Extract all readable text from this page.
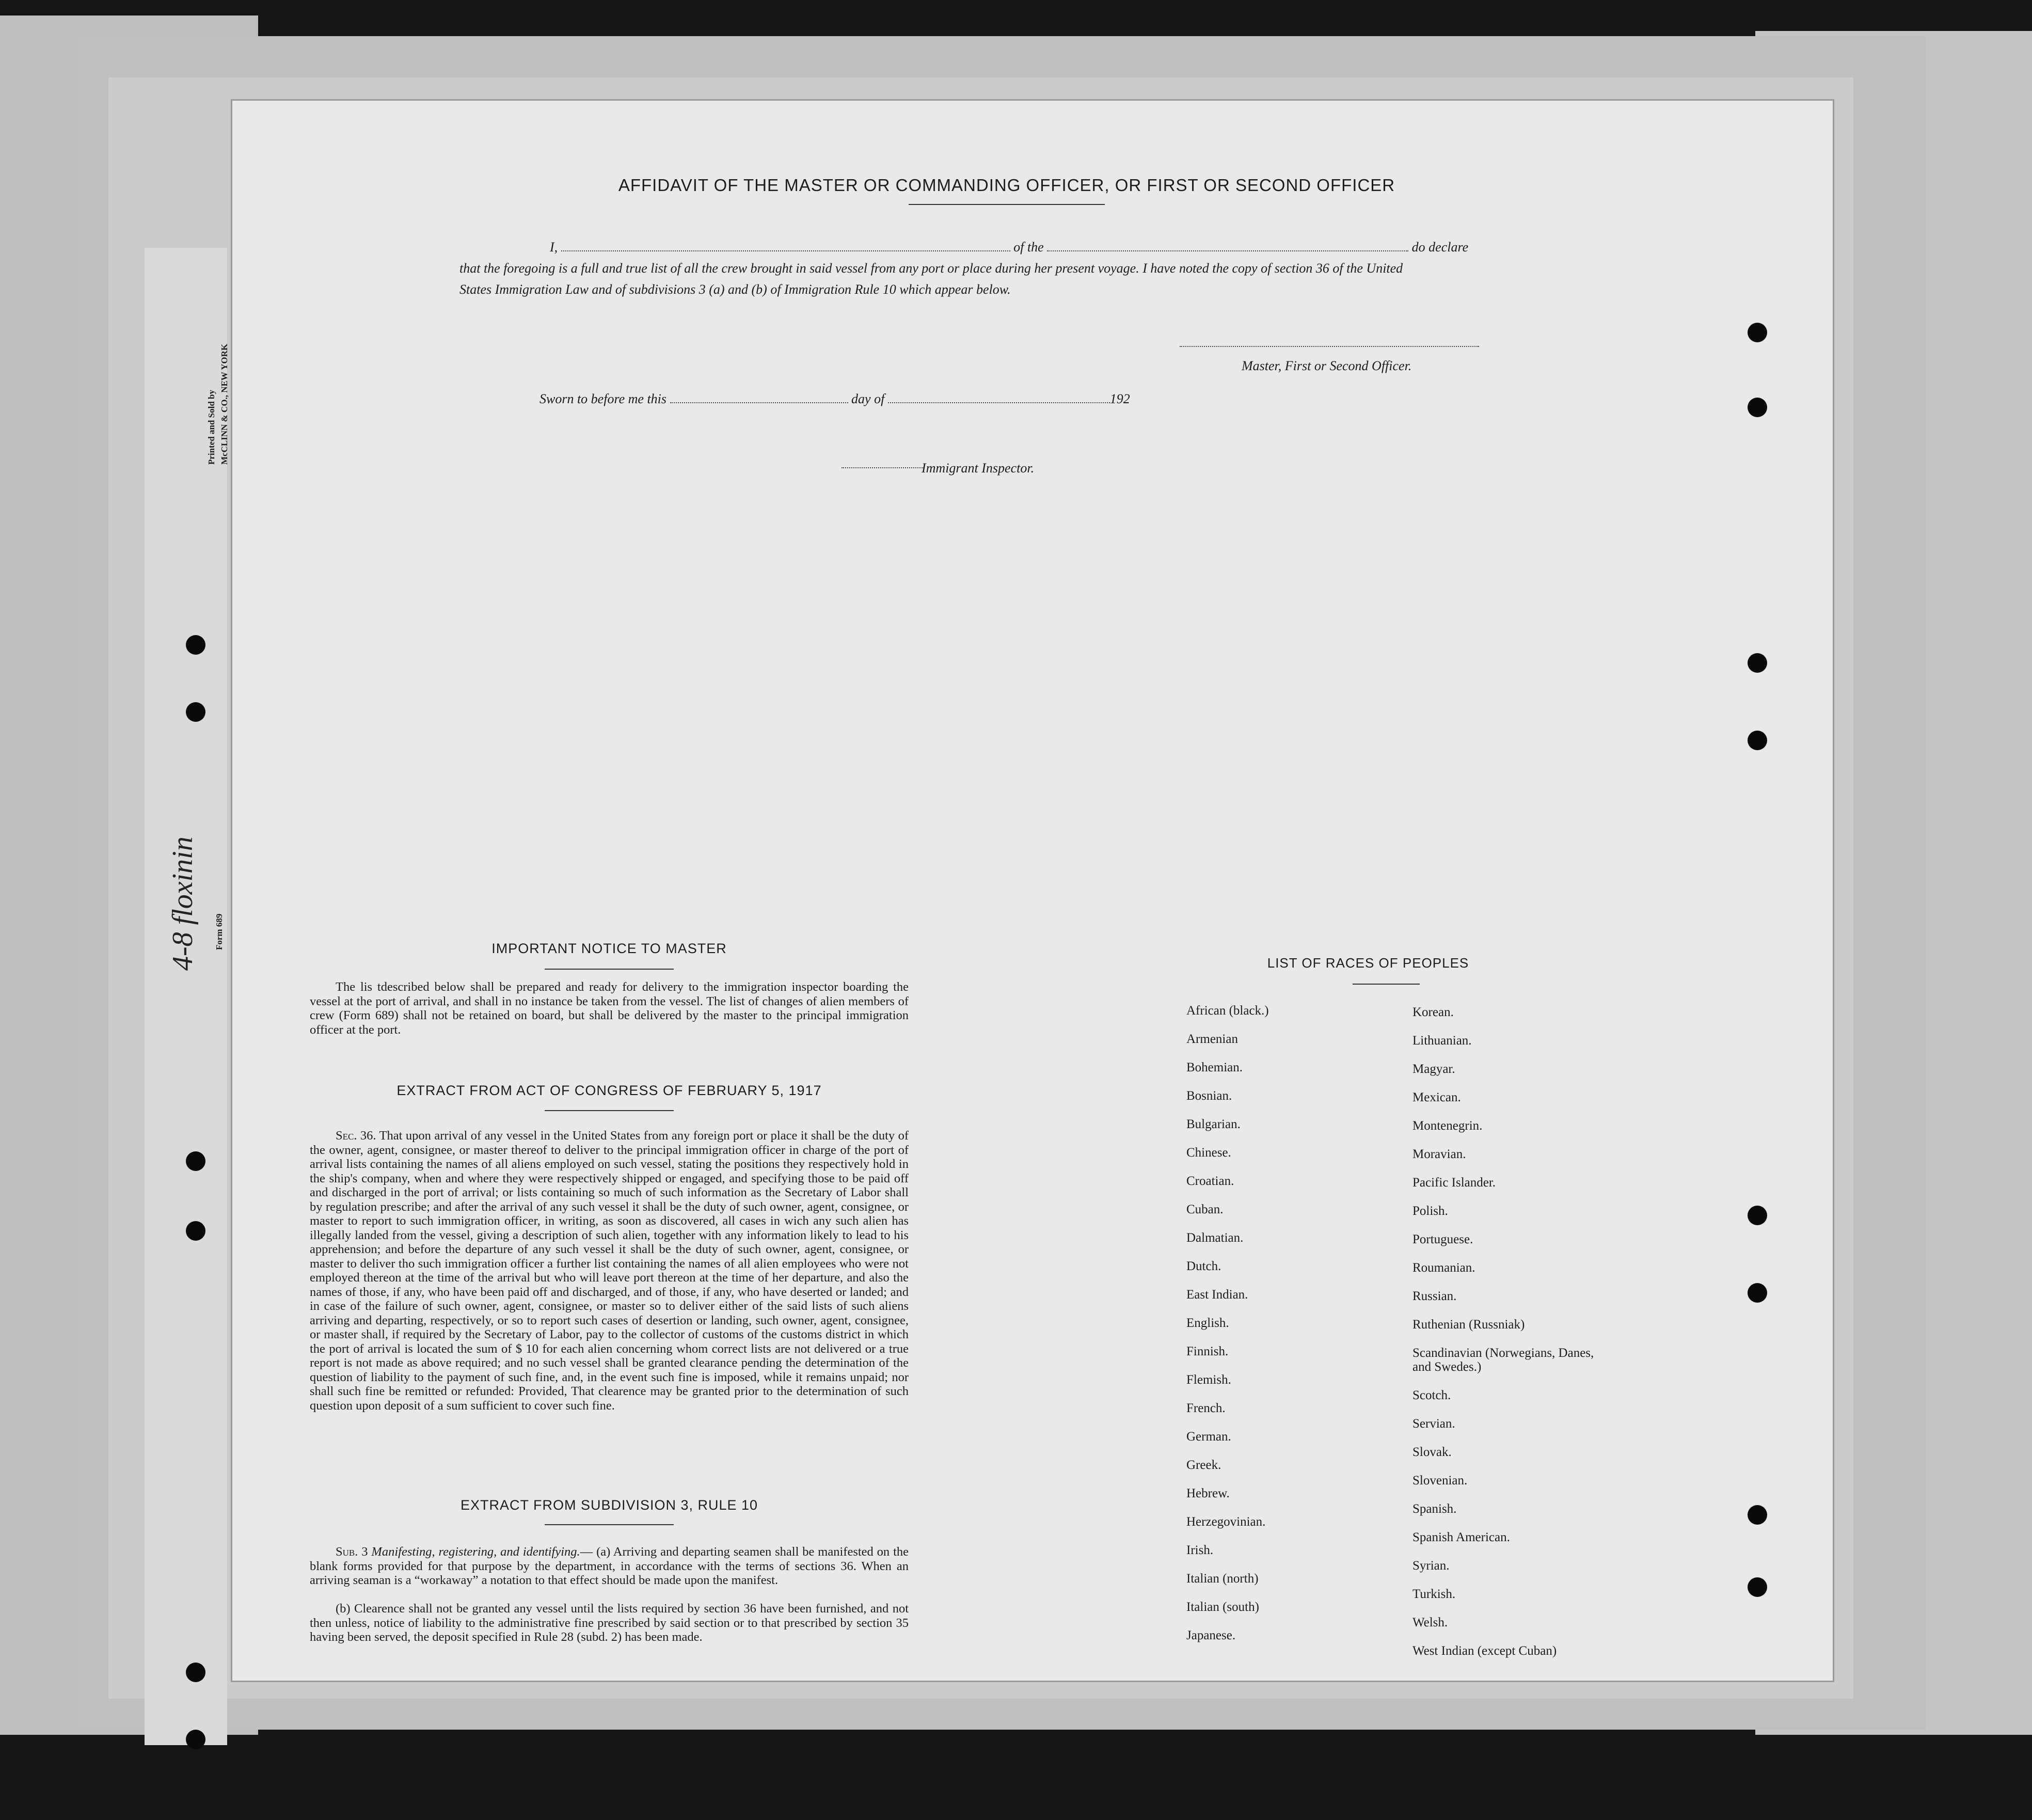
Printed and Sold by McCLINN & CO., NEW YORK
Form 689
4-8 floxinin
AFFIDAVIT OF THE MASTER OR COMMANDING OFFICER, OR FIRST OR SECOND OFFICER
I,	of the	do declare
that the foregoing is a full and true list of all the crew brought in said vessel from any port or place during her present voyage. I have noted the copy of section 36 of the United
States Immigration Law and of subdivisions 3 (a) and (b) of Immigration Rule 10 which appear below.
Master, First or Second Officer.
Sworn to before me this	day of	192
Immigrant Inspector.
IMPORTANT NOTICE TO MASTER
The lis tdescribed below shall be prepared and ready for delivery to the immigration inspector boarding the vessel at the port of arrival, and shall in no instance be taken from the vessel. The list of changes of alien members of crew (Form 689) shall not be retained on board, but shall be delivered by the master to the principal immigration officer at the port.
EXTRACT FROM ACT OF CONGRESS OF FEBRUARY 5, 1917
Sec. 36. That upon arrival of any vessel in the United States from any foreign port or place it shall be the duty of the owner, agent, consignee, or master thereof to deliver to the principal immigration officer in charge of the port of arrival lists containing the names of all aliens employed on such vessel, stating the positions they respectively hold in the ship's company, when and where they were respectively shipped or engaged, and specifying those to be paid off and discharged in the port of arrival; or lists containing so much of such information as the Secretary of Labor shall by regulation prescribe; and after the arrival of any such vessel it shall be the duty of such owner, agent, consignee, or master to report to such immigration officer, in writing, as soon as discovered, all cases in wich any such alien has illegally landed from the vessel, giving a description of such alien, together with any information likely to lead to his apprehension; and before the departure of any such vessel it shall be the duty of such owner, agent, consignee, or master to deliver tho such immigration officer a further list containing the names of all alien employees who were not employed thereon at the time of the arrival but who will leave port thereon at the time of her departure, and also the names of those, if any, who have been paid off and discharged, and of those, if any, who have deserted or landed; and in case of the failure of such owner, agent, consignee, or master so to deliver either of the said lists of such aliens arriving and departing, respectively, or so to report such cases of desertion or landing, such owner, agent, consignee, or master shall, if required by the Secretary of Labor, pay to the collector of customs of the customs district in which the port of arrival is located the sum of $ 10 for each alien concerning whom correct lists are not delivered or a true report is not made as above required; and no such vessel shall be granted clearance pending the determination of the question of liability to the payment of such fine, and, in the event such fine is imposed, while it remains unpaid; nor shall such fine be remitted or refunded: Provided, That clearence may be granted prior to the determination of such question upon deposit of a sum sufficient to cover such fine.
EXTRACT FROM SUBDIVISION 3, RULE 10
Sub. 3 Manifesting, registering, and identifying.— (a) Arriving and departing seamen shall be manifested on the blank forms provided for that purpose by the department, in accordance with the terms of sections 36. When an arriving seaman is a “workaway” a notation to that effect should be made upon the manifest.
(b) Clearence shall not be granted any vessel until the lists required by section 36 have been furnished, and not then unless, notice of liability to the administrative fine prescribed by said section or to that prescribed by section 35 having been served, the deposit specified in Rule 28 (subd. 2) has been made.
LIST OF RACES OF PEOPLES
African (black.)
Armenian
Bohemian.
Bosnian.
Bulgarian.
Chinese.
Croatian.
Cuban.
Dalmatian.
Dutch.
East Indian.
English.
Finnish.
Flemish.
French.
German.
Greek.
Hebrew.
Herzegovinian.
Irish.
Italian (north)
Italian (south)
Japanese.
Korean.
Lithuanian.
Magyar.
Mexican.
Montenegrin.
Moravian.
Pacific Islander.
Polish.
Portuguese.
Roumanian.
Russian.
Ruthenian (Russniak)
Scandinavian (Norwegians, Danes, and Swedes.)
Scotch.
Servian.
Slovak.
Slovenian.
Spanish.
Spanish American.
Syrian.
Turkish.
Welsh.
West Indian (except Cuban)
